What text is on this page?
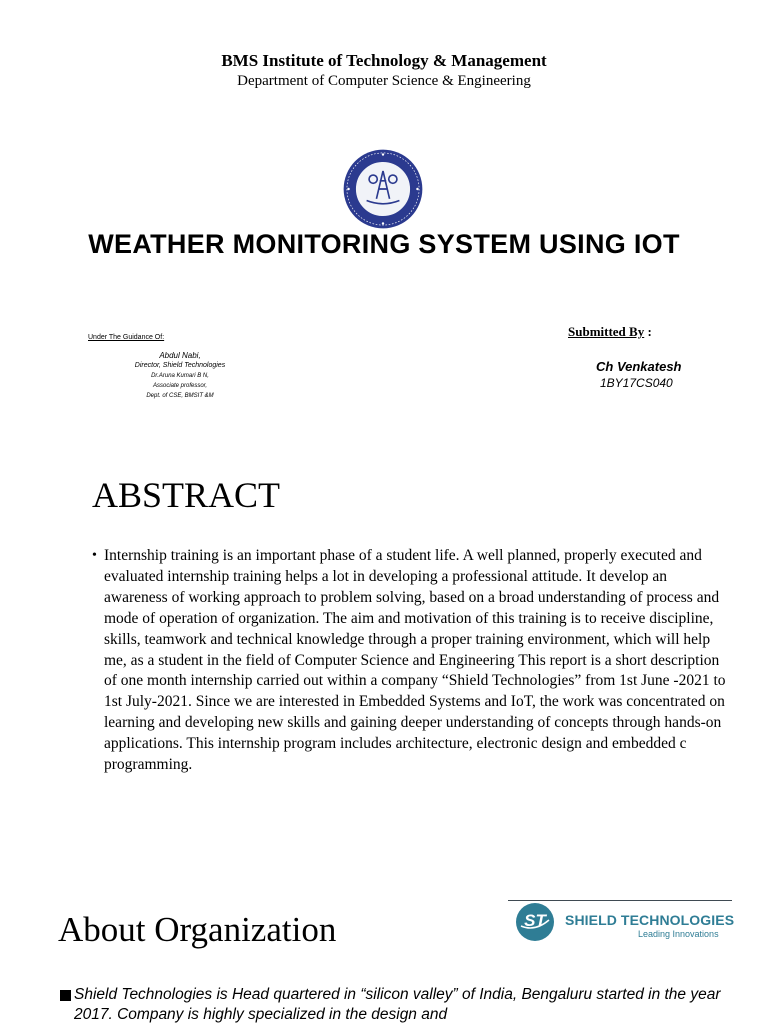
BMS Institute of Technology & Management
Department of Computer Science & Engineering
WEATHER MONITORING SYSTEM USING IOT
Under The Guidance Of:
Abdul Nabi,
Director, Shield Technologies
Dr.Aruna Kumari B N,
Associate professor,
Dept. of CSE, BMSIT &M
Submitted By :
Ch Venkatesh
1BY17CS040
ABSTRACT
• Internship training is an important phase of a student life. A well planned, properly executed and evaluated internship training helps a lot in developing a professional attitude. It develop an awareness of working approach to problem solving, based on a broad understanding of process and mode of operation of organization. The aim and motivation of this training is to receive discipline, skills, teamwork and technical knowledge through a proper training environment, which will help me, as a student in the field of Computer Science and Engineering This report is a short description of one month internship carried out within a company “Shield Technologies” from 1st June -2021 to 1st July-2021. Since we are interested in Embedded Systems and IoT, the work was concentrated on learning and developing new skills and gaining deeper understanding of concepts through hands-on applications. This internship program includes architecture, electronic design and embedded c programming.
ST SHIELD TECHNOLOGIES
Leading Innovations
About Organization
Shield Technologies is Head quartered in “silicon valley” of India, Bengaluru started in the year 2017. Company is highly specialized in the design and
